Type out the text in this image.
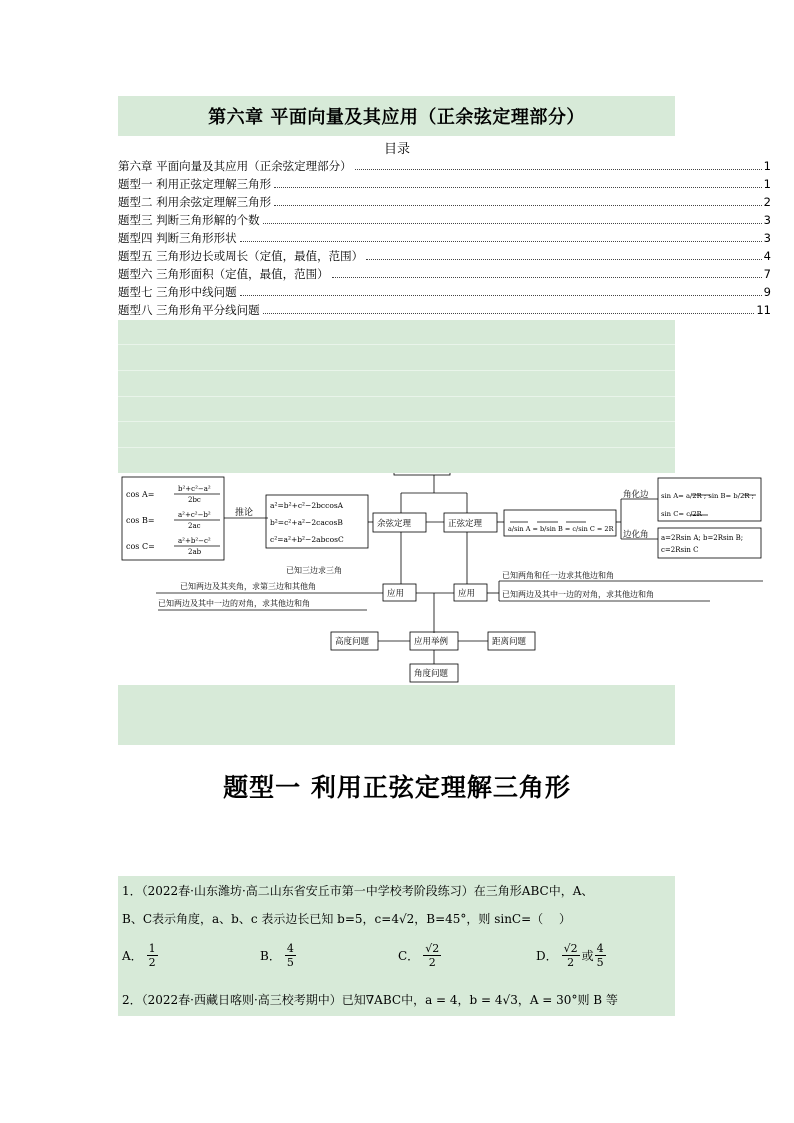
第六章 平面向量及其应用（正余弦定理部分）
目录
第六章 平面向量及其应用（正余弦定理部分）	1
题型一 利用正弦定理解三角形	1
题型二 利用余弦定理解三角形	2
题型三 判断三角形解的个数	3
题型四 判断三角形形状	3
题型五 三角形边长或周长（定值，最值，范围）	4
题型六 三角形面积（定值，最值，范围）	7
题型七 三角形中线问题	9
题型八 三角形角平分线问题	11
cos A=
b²+c²−a²
2bc
cos B=
a²+c²−b²
2ac
cos C=
a²+b²−c²
2ab
推论
a²=b²+c²−2bccosA
b²=c²+a²−2cacosB
c²=a²+b²−2abcosC
余弦定理	正弦定理	a/sin A = b/sin B = c/sin C = 2R
角化边
边化角
sin A= a/2R ; sin B= b/2R ;
sin C= c/2R
a=2Rsin A; b=2Rsin B;
c=2Rsin C
应用	应用
已知三边求三角
已知两边及其夹角，求第三边和其他角
已知两边及其中一边的对角，求其他边和角
已知两角和任一边求其他边和角
已知两边及其中一边的对角，求其他边和角
应用举例
高度问题	距离问题
角度问题
题型一 利用正弦定理解三角形
1．（2022春·山东潍坊·高二山东省安丘市第一中学校考阶段练习）在三角形ABC中，A、
B、C表示角度，a、b、c 表示边长已知 b=5，c=4√2，B=45°，则 sinC=（　 ）
A． $\frac{1}{2}$	B． $\frac{4}{5}$	C． $\frac{√2}{2}$	D． $\frac{√2}{2}$ 或 $\frac{4}{5}$
2．（2022春·西藏日喀则·高三校考期中）已知∇ABC中，a = 4，b = 4√3，A = 30°则 B 等
